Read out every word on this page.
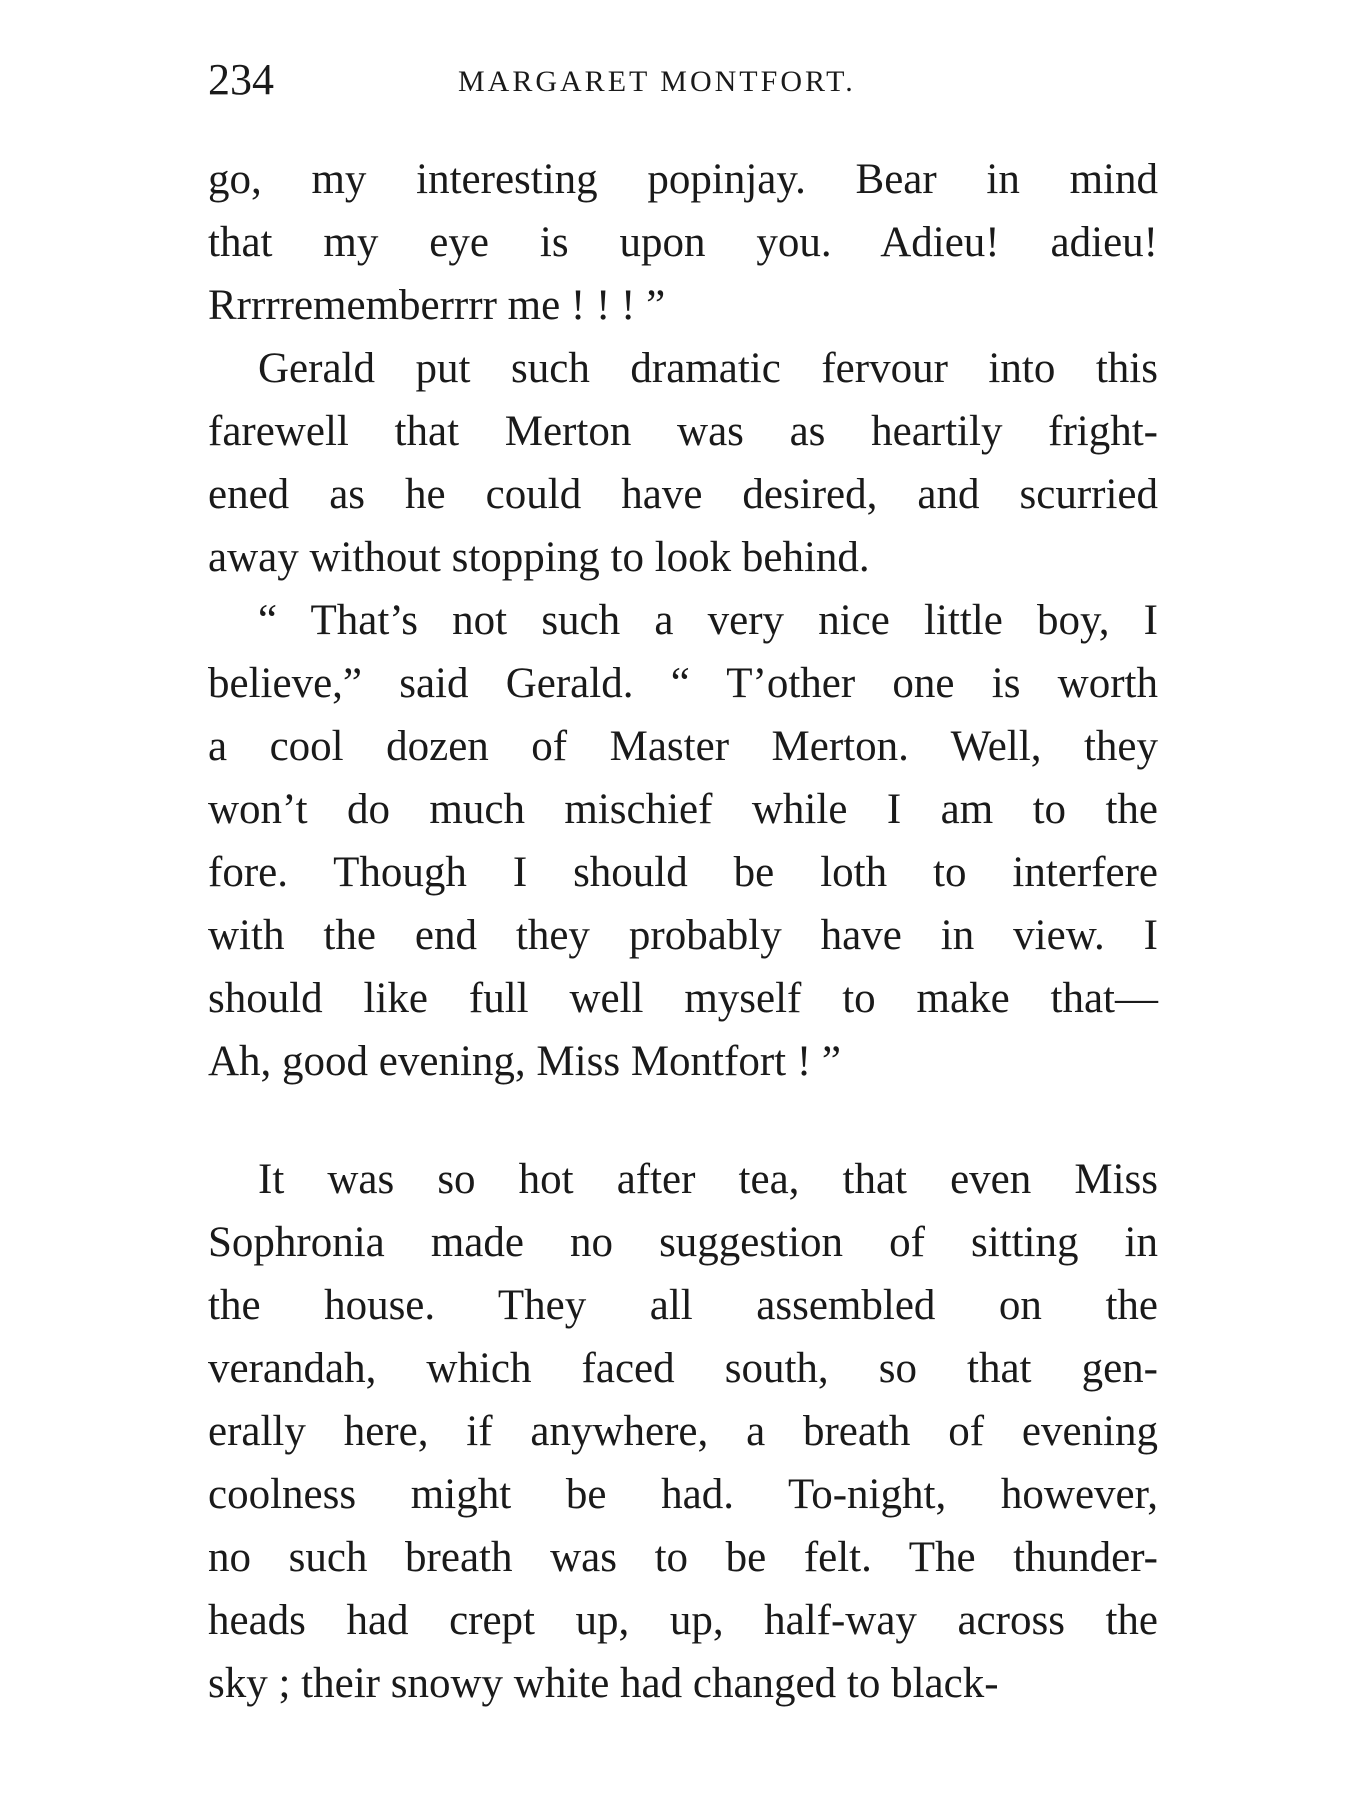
234	MARGARET MONTFORT.
go, my interesting popinjay. Bear in mind
that my eye is upon you. Adieu! adieu!
Rrrrrememberrrr me ! ! ! ”
Gerald put such dramatic fervour into this
farewell that Merton was as heartily fright-
ened as he could have desired, and scurried
away without stopping to look behind.
“ That’s not such a very nice little boy, I
believe,” said Gerald. “ T’other one is worth
a cool dozen of Master Merton. Well, they
won’t do much mischief while I am to the
fore. Though I should be loth to interfere
with the end they probably have in view. I
should like full well myself to make that—
Ah, good evening, Miss Montfort ! ”
It was so hot after tea, that even Miss
Sophronia made no suggestion of sitting in
the house. They all assembled on the
verandah, which faced south, so that gen-
erally here, if anywhere, a breath of evening
coolness might be had. To-night, however,
no such breath was to be felt. The thunder-
heads had crept up, up, half-way across the
sky ; their snowy white had changed to black-
